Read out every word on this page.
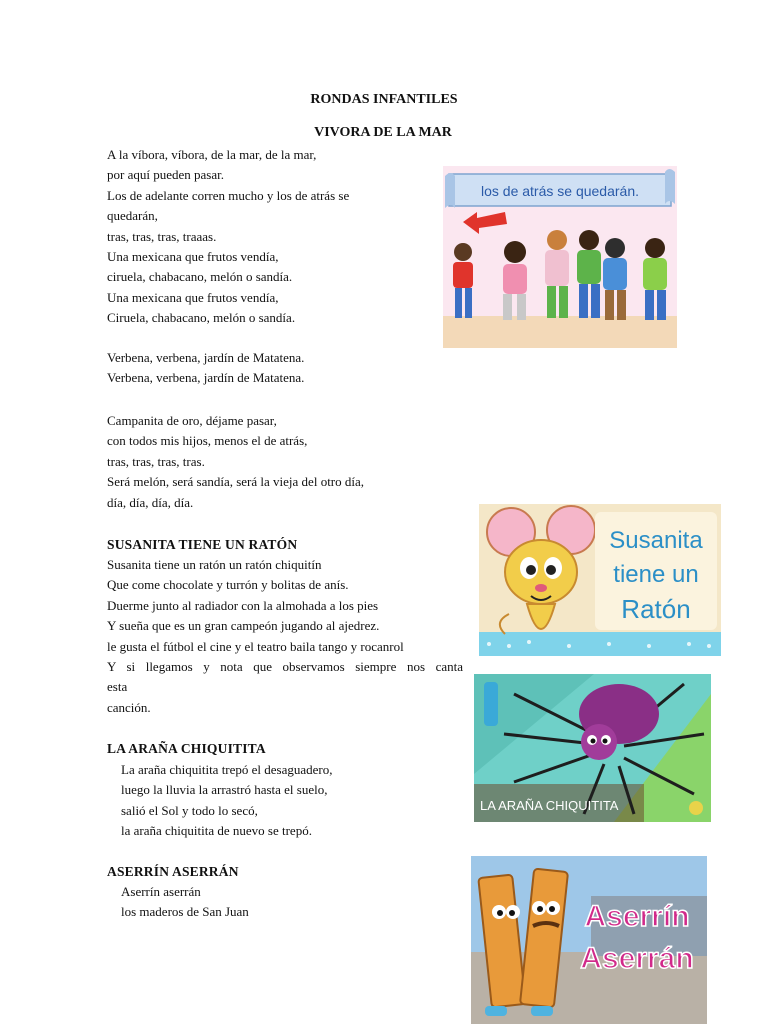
RONDAS INFANTILES
VIVORA DE LA MAR
A la víbora, víbora, de la mar, de la mar,
por aquí pueden pasar.
Los de adelante corren mucho y los de atrás se
quedarán,
tras, tras, tras, traaas.
Una mexicana que frutos vendía,
ciruela, chabacano, melón o sandía.
Una mexicana que frutos vendía,
Ciruela, chabacano, melón o sandía.
Verbena, verbena, jardín de Matatena.
Verbena, verbena, jardín de Matatena.
Campanita de oro, déjame pasar,
con todos mis hijos, menos el de atrás,
tras, tras, tras, tras.
Será melón, será sandía, será la vieja del otro día,
día, día, día, día.
los de atrás se quedarán.
SUSANITA TIENE UN RATÓN
Susanita tiene un ratón un ratón chiquitín
Que come chocolate y turrón y bolitas de anís.
Duerme junto al radiador con la almohada a los pies
Y sueña que es un gran campeón jugando al ajedrez.
le gusta el fútbol el cine y el teatro baila tango y rocanrol
Y si llegamos y nota que observamos siempre nos canta
esta
canción.
Susanita
tiene un
Ratón
LA ARAÑA CHIQUITITA
La araña chiquitita trepó el desaguadero,
luego la lluvia la arrastró hasta el suelo,
salió el Sol y todo lo secó,
la araña chiquitita de nuevo se trepó.
LA ARAÑA CHIQUITITA
ASERRÍN ASERRÁN
Aserrín aserrán
los maderos de San Juan	Aserrín
Aserrán
